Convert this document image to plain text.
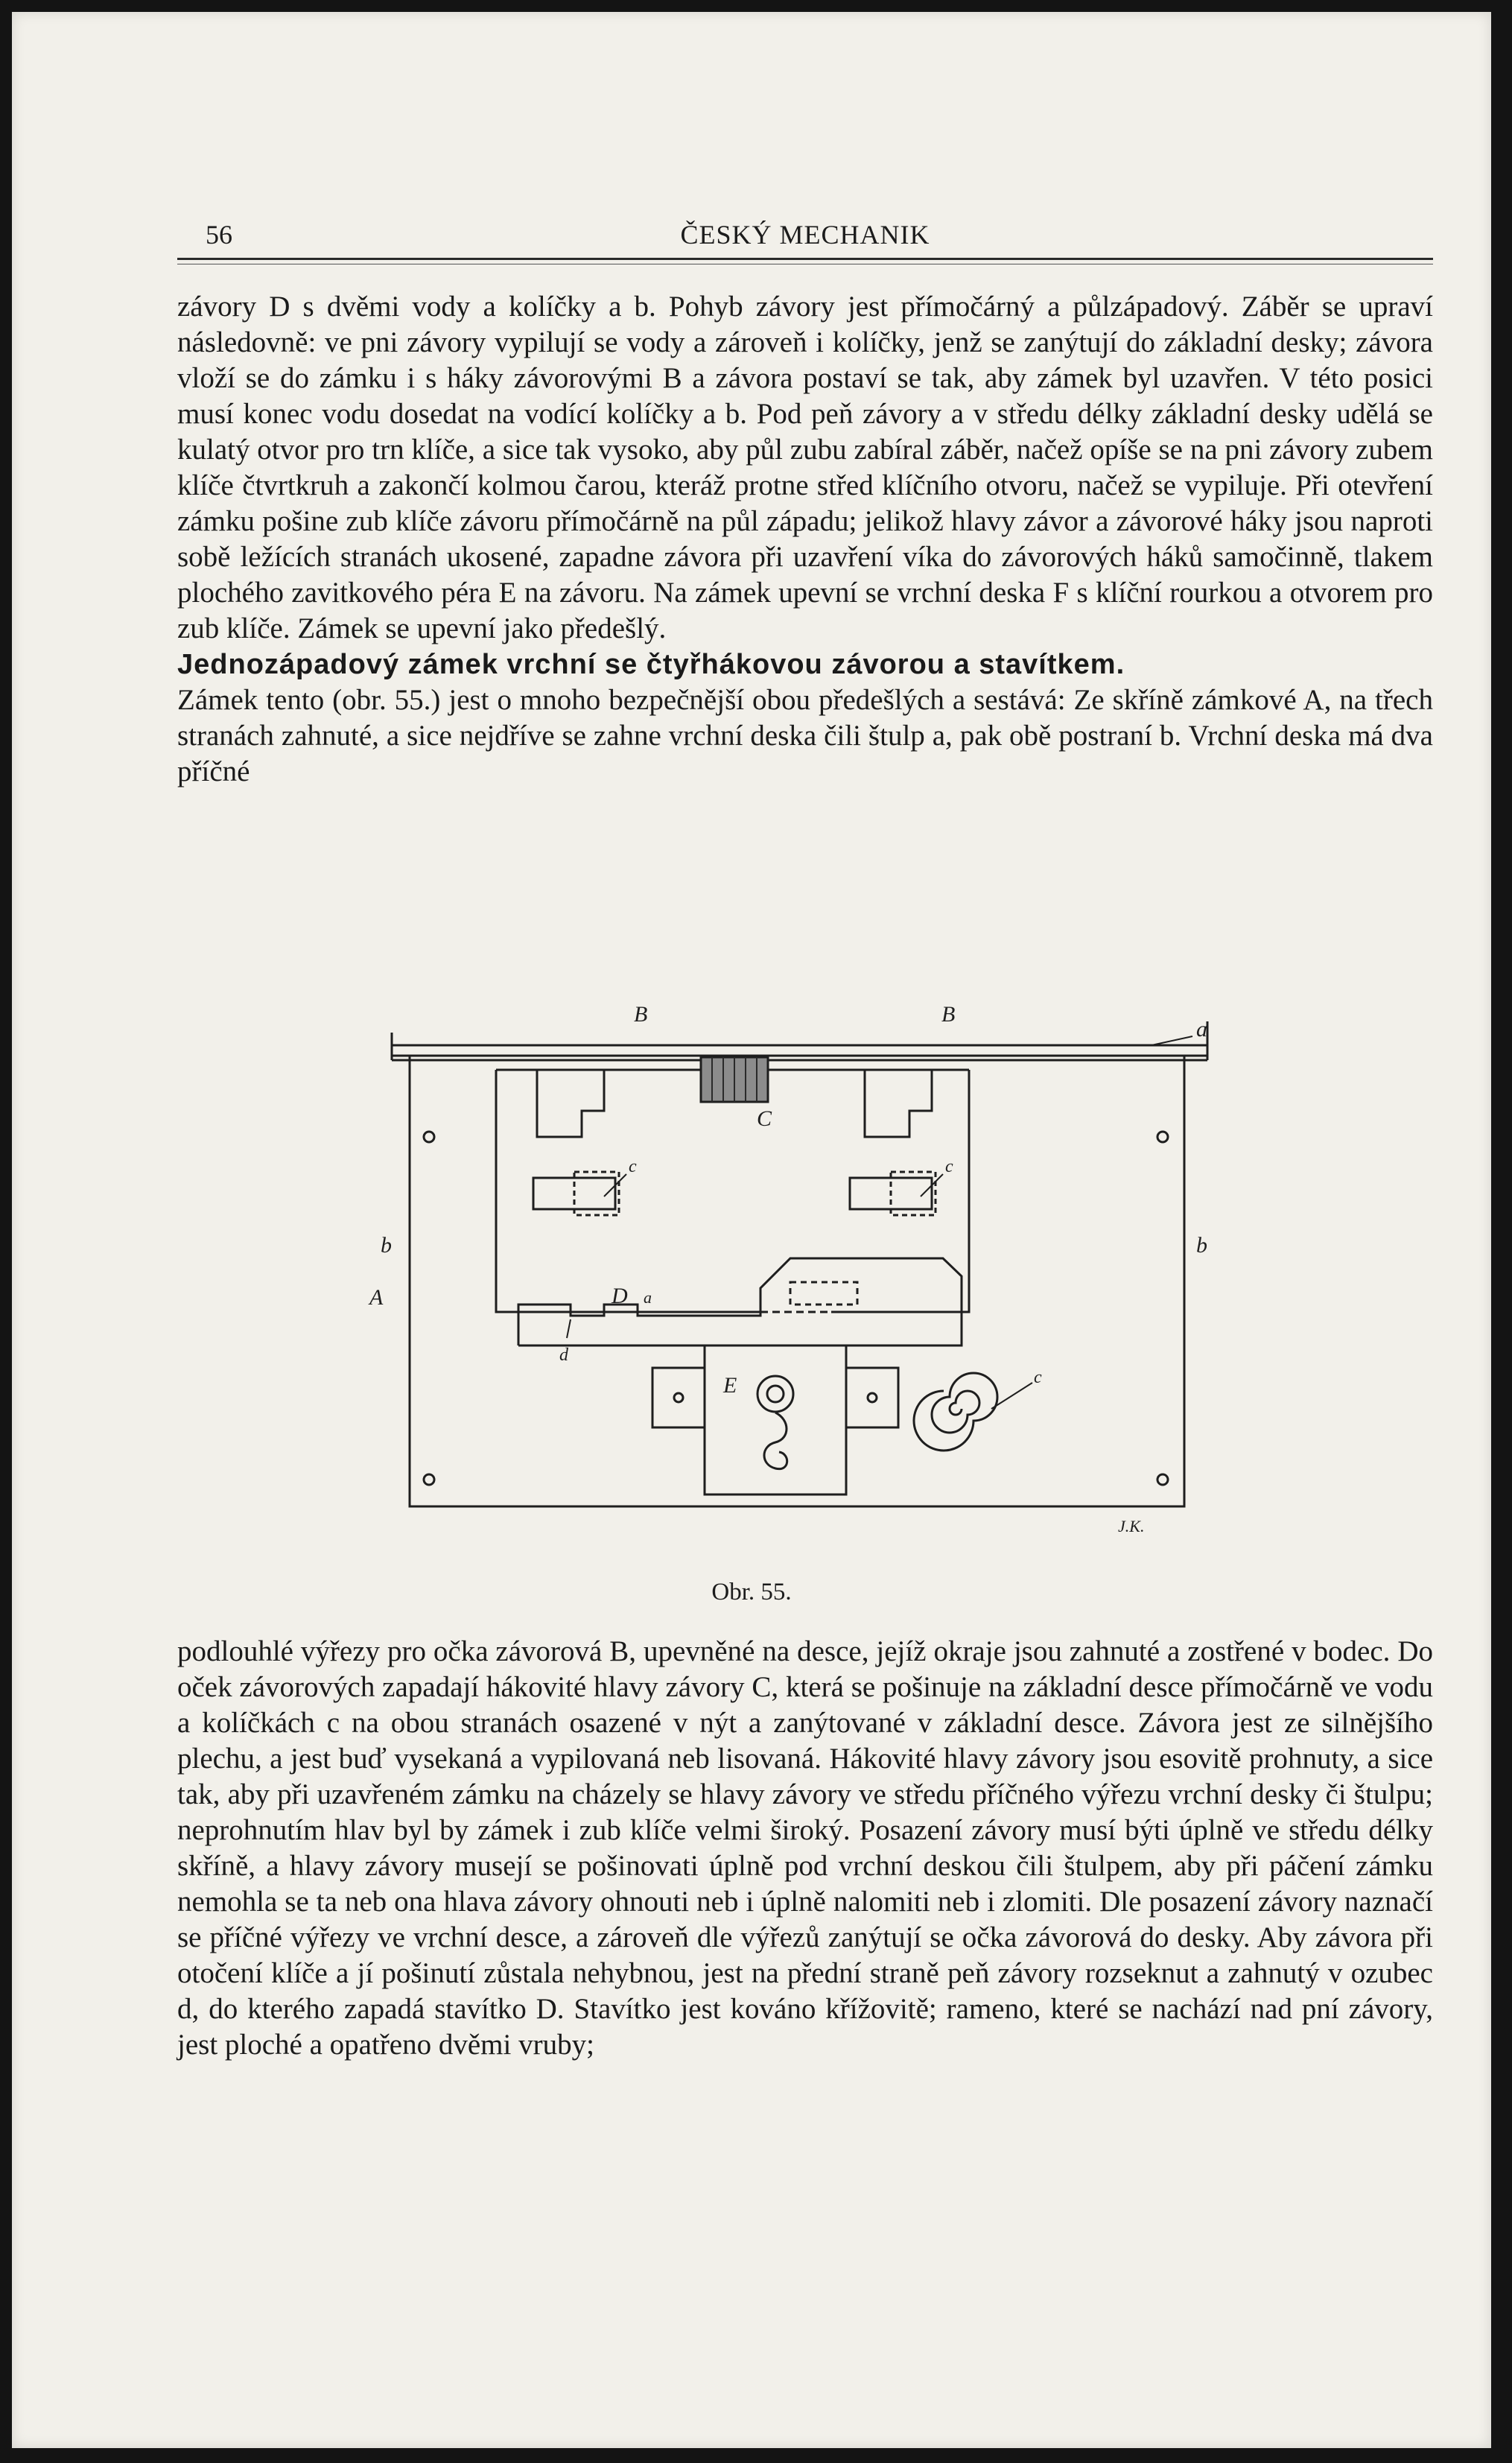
56	ČESKÝ MECHANIK

závory D s dvěmi vody a kolíčky a b. Pohyb závory jest přímočárný a půlzápadový. Záběr se upraví následovně: ve pni závory vypilují se vody a zároveň i kolíčky, jenž se zanýtují do základní desky; závora vloží se do zámku i s háky závorovými B a závora postaví se tak, aby zámek byl uzavřen. V této posici musí konec vodu dosedat na vodící kolíčky a b. Pod peň závory a v středu délky základní desky udělá se kulatý otvor pro trn klíče, a sice tak vysoko, aby půl zubu zabíral záběr, načež opíše se na pni závory zubem klíče čtvrtkruh a zakončí kolmou čarou, kteráž protne střed klíčního otvoru, načež se vypiluje. Při otevření zámku pošine zub klíče závoru přímočárně na půl západu; jelikož hlavy závor a závorové háky jsou naproti sobě ležících stranách ukosené, zapadne závora při uzavření víka do závorových háků samočinně, tlakem plochého zavitkového péra E na závoru. Na zámek upevní se vrchní deska F s klíční rourkou a otvorem pro zub klíče. Zámek se upevní jako předešlý.

Jednozápadový zámek vrchní se čtyřhákovou závorou a stavítkem.

Zámek tento (obr. 55.) jest o mnoho bezpečnější obou předešlých a sestává: Ze skříně zámkové A, na třech stranách zahnuté, a sice nejdříve se zahne vrchní deska čili štulp a, pak obě postraní b. Vrchní deska má dva příčné

B	B
a
C
c	c
b	b
A	D
d
a
E	c
J.K.
Obr. 55.

podlouhlé výřezy pro očka závorová B, upevněné na desce, jejíž okraje jsou zahnuté a zostřené v bodec. Do oček závorových zapadají hákovité hlavy závory C, která se pošinuje na základní desce přímočárně ve vodu a kolíčkách c na obou stranách osazené v nýt a zanýtované v základní desce. Závora jest ze silnějšího plechu, a jest buď vysekaná a vypilovaná neb lisovaná. Hákovité hlavy závory jsou esovitě prohnuty, a sice tak, aby při uzavřeném zámku na cházely se hlavy závory ve středu příčného výřezu vrchní desky či štulpu; neprohnutím hlav byl by zámek i zub klíče velmi široký. Posazení závory musí býti úplně ve středu délky skříně, a hlavy závory musejí se pošinovati úplně pod vrchní deskou čili štulpem, aby při páčení zámku nemohla se ta neb ona hlava závory ohnouti neb i úplně nalomiti neb i zlomiti. Dle posazení závory naznačí se příčné výřezy ve vrchní desce, a zároveň dle výřezů zanýtují se očka závorová do desky. Aby závora při otočení klíče a jí pošinutí zůstala nehybnou, jest na přední straně peň závory rozseknut a zahnutý v ozubec d, do kterého zapadá stavítko D. Stavítko jest kováno křížovitě; rameno, které se nachází nad pní závory, jest ploché a opatřeno dvěmi vruby;
